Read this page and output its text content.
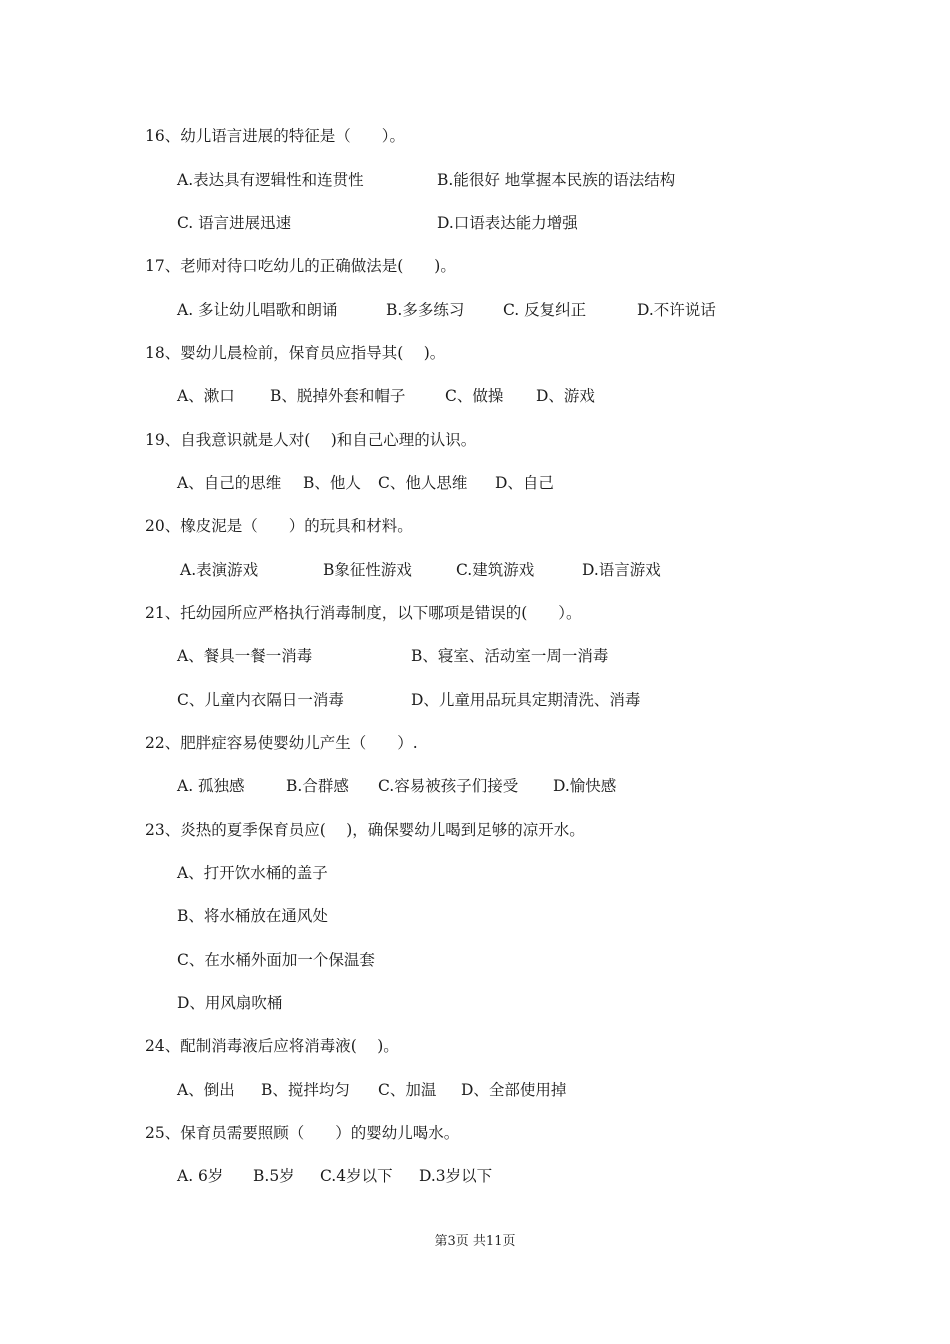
16、幼儿语言进展的特征是（　　）。
A.表达具有逻辑性和连贯性	B.能很好 地掌握本民族的语法结构
C. 语言进展迅速	D.口语表达能力增强
17、老师对待口吃幼儿的正确做法是(　　)。
A. 多让幼儿唱歌和朗诵	B.多多练习 C. 反复纠正	D.不许说话
18、婴幼儿晨检前，保育员应指导其(　 )。
A、漱口 B、脱掉外套和帽子	C、做操 D、游戏
19、自我意识就是人对(　 )和自己心理的认识。
A、自己的思维 B、他人 C、他人思维 D、自己
20、橡皮泥是（　　）的玩具和材料。
A.表演游戏	B象征性游戏	C.建筑游戏	D.语言游戏
21、托幼园所应严格执行消毒制度，以下哪项是错误的(　　）。
A、餐具一餐一消毒	B、寝室、活动室一周一消毒
C、儿童内衣隔日一消毒	D、儿童用品玩具定期清洗、消毒
22、肥胖症容易使婴幼儿产生（　　）.
A. 孤独感	B.合群感 C.容易被孩子们接受 D.愉快感
23、炎热的夏季保育员应(　 )，确保婴幼儿喝到足够的凉开水。
A、打开饮水桶的盖子
B、将水桶放在通风处
C、在水桶外面加一个保温套
D、用风扇吹桶
24、配制消毒液后应将消毒液(　 )。
A、倒出 B、搅拌均匀 C、加温 D、全部使用掉
25、保育员需要照顾（　　）的婴幼儿喝水。
A. 6岁 B.5岁 C.4岁以下 D.3岁以下
第3页 共11页
